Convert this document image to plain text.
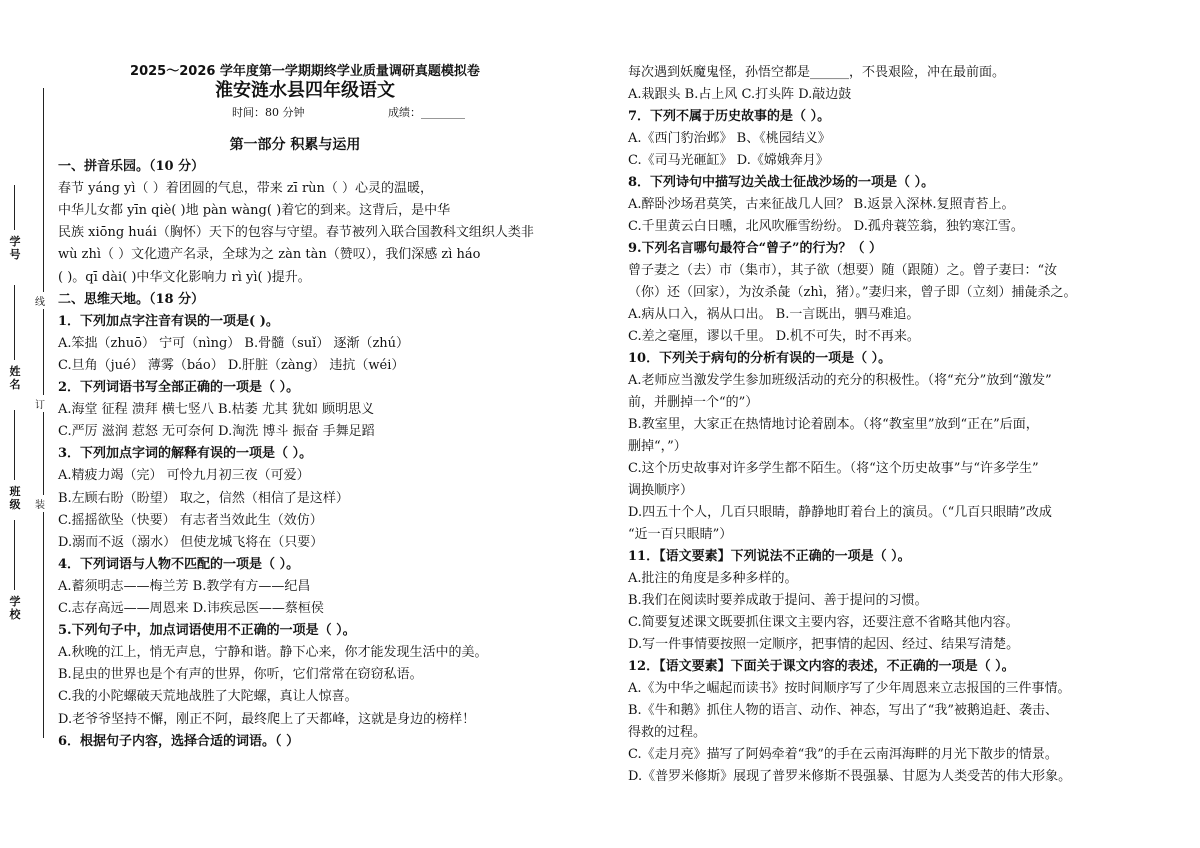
学校
班级
姓名
学号
装
订
线
2025～2026 学年度第一学期期终学业质量调研真题模拟卷
淮安涟水县四年级语文
时间：80 分钟	成绩：________
第一部分 积累与运用
一、拼音乐园。（10 分）
春节 yáng yì（ ）着团圆的气息，带来 zī rùn（ ）心灵的温暖，
中华儿女都 yīn qiè( )地 pàn wàng( )着它的到来。这背后，是中华
民族 xiōng huái（胸怀）天下的包容与守望。春节被列入联合国教科文组织人类非
wù zhì（ ）文化遗产名录，全球为之 zàn tàn（赞叹），我们深感 zì háo
( )。qī dài( )中华文化影响力 rì yì( )提升。
二、思维天地。（18 分）
1．下列加点字注音有误的一项是( )。
A.笨拙（zhuō） 宁可（nìng） B.骨髓（suǐ） 逐渐（zhú）
C.旦角（jué） 薄雾（báo） D.肝脏（zàng） 违抗（wéi）
2．下列词语书写全部正确的一项是（ ）。
A.海堂 征程 溃拜 横七竖八 B.枯萎 尤其 犹如 顾明思义
C.严厉 滋润 惹怒 无可奈何 D.淘洗 博斗 振奋 手舞足蹈
3．下列加点字词的解释有误的一项是（ ）。
A.精疲力竭（完） 可怜九月初三夜（可爱）
B.左顾右盼（盼望） 取之，信然（相信了是这样）
C.摇摇欲坠（快要） 有志者当效此生（效仿）
D.溺而不返（溺水） 但使龙城飞将在（只要）
4．下列词语与人物不匹配的一项是（ ）。
A.蓄须明志——梅兰芳 B.教学有方——纪昌
C.志存高远——周恩来 D.讳疾忌医——蔡桓侯
5.下列句子中，加点词语使用不正确的一项是（ ）。
A.秋晚的江上，悄无声息，宁静和谐。静下心来，你才能发现生活中的美。
B.昆虫的世界也是个有声的世界，你听，它们常常在窃窃私语。
C.我的小陀螺破天荒地战胜了大陀螺，真让人惊喜。
D.老爷爷坚持不懈，刚正不阿，最终爬上了天都峰，这就是身边的榜样！
6．根据句子内容，选择合适的词语。（ ）
每次遇到妖魔鬼怪，孙悟空都是______，不畏艰险，冲在最前面。
A.栽跟头 B.占上风 C.打头阵 D.敲边鼓
7．下列不属于历史故事的是（ ）。
A.《西门豹治邺》 B、《桃园结义》
C.《司马光砸缸》 D.《嫦娥奔月》
8．下列诗句中描写边关战士征战沙场的一项是（ ）。
A.醉卧沙场君莫笑，古来征战几人回？ B.返景入深林.复照青苔上。
C.千里黄云白日曛，北风吹雁雪纷纷。 D.孤舟蓑笠翁，独钓寒江雪。
9.下列名言哪句最符合“曾子”的行为？（ ）
曾子妻之（去）市（集市），其子欲（想要）随（跟随）之。曾子妻曰：“汝
（你）还（回家），为汝杀彘（zhì，猪）。”妻归来，曾子即（立刻）捕彘杀之。
A.病从口入，祸从口出。 B.一言既出，驷马难追。
C.差之毫厘，谬以千里。 D.机不可失，时不再来。
10．下列关于病句的分析有误的一项是（ ）。
A.老师应当激发学生参加班级活动的充分的积极性。（将“充分”放到“激发”
前，并删掉一个“的”）
B.教室里，大家正在热情地讨论着剧本。（将“教室里”放到“正在”后面，
删掉“，”）
C.这个历史故事对许多学生都不陌生。（将“这个历史故事”与“许多学生”
调换顺序）
D.四五十个人，几百只眼睛，静静地盯着台上的演员。（“几百只眼睛”改成
“近一百只眼睛”）
11．【语文要素】下列说法不正确的一项是（ ）。
A.批注的角度是多种多样的。
B.我们在阅读时要养成敢于提问、善于提问的习惯。
C.简要复述课文既要抓住课文主要内容，还要注意不省略其他内容。
D.写一件事情要按照一定顺序，把事情的起因、经过、结果写清楚。
12．【语文要素】下面关于课文内容的表述，不正确的一项是（ ）。
A.《为中华之崛起而读书》按时间顺序写了少年周恩来立志报国的三件事情。
B.《牛和鹅》抓住人物的语言、动作、神态，写出了“我”被鹅追赶、袭击、
得救的过程。
C.《走月亮》描写了阿妈牵着“我”的手在云南洱海畔的月光下散步的情景。
D.《普罗米修斯》展现了普罗米修斯不畏强暴、甘愿为人类受苦的伟大形象。
